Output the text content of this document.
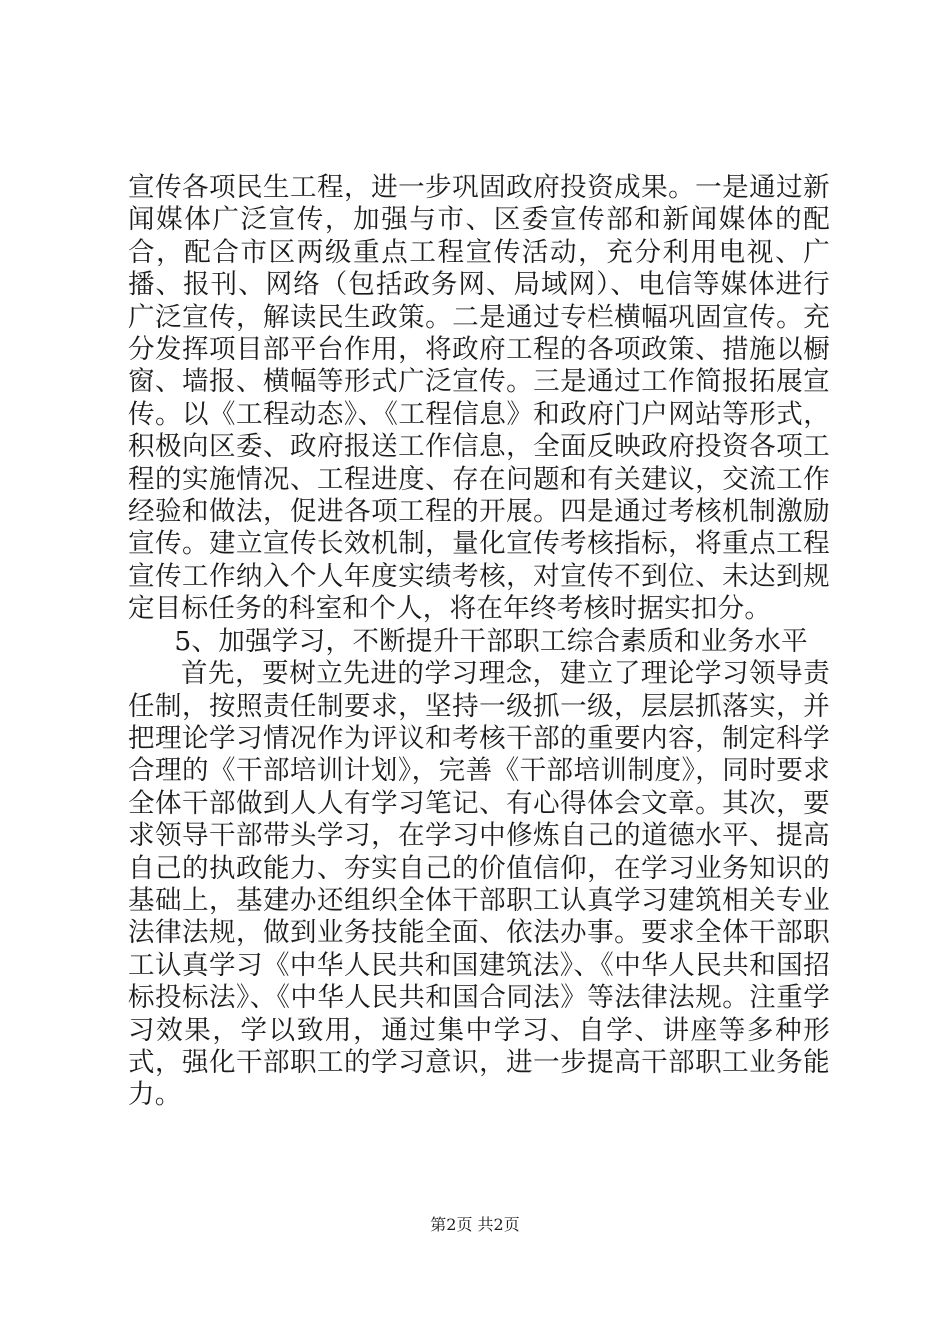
宣传各项民生工程，进一步巩固政府投资成果。一是通过新闻媒体广泛宣传，加强与市、区委宣传部和新闻媒体的配合，配合市区两级重点工程宣传活动，充分利用电视、广播、报刊、网络（包括政务网、局域网）、电信等媒体进行广泛宣传，解读民生政策。二是通过专栏横幅巩固宣传。充分发挥项目部平台作用，将政府工程的各项政策、措施以橱窗、墙报、横幅等形式广泛宣传。三是通过工作简报拓展宣传。以《工程动态》、《工程信息》和政府门户网站等形式，积极向区委、政府报送工作信息，全面反映政府投资各项工程的实施情况、工程进度、存在问题和有关建议，交流工作经验和做法，促进各项工程的开展。四是通过考核机制激励宣传。建立宣传长效机制，量化宣传考核指标，将重点工程宣传工作纳入个人年度实绩考核，对宣传不到位、未达到规定目标任务的科室和个人，将在年终考核时据实扣分。

5、加强学习，不断提升干部职工综合素质和业务水平

首先，要树立先进的学习理念，建立了理论学习领导责任制，按照责任制要求，坚持一级抓一级，层层抓落实，并把理论学习情况作为评议和考核干部的重要内容，制定科学合理的《干部培训计划》，完善《干部培训制度》，同时要求全体干部做到人人有学习笔记、有心得体会文章。其次，要求领导干部带头学习，在学习中修炼自己的道德水平、提高自己的执政能力、夯实自己的价值信仰，在学习业务知识的基础上，基建办还组织全体干部职工认真学习建筑相关专业法律法规，做到业务技能全面、依法办事。要求全体干部职工认真学习《中华人民共和国建筑法》、《中华人民共和国招标投标法》、《中华人民共和国合同法》等法律法规。注重学习效果，学以致用，通过集中学习、自学、讲座等多种形式，强化干部职工的学习意识，进一步提高干部职工业务能力。

第2页 共2页
